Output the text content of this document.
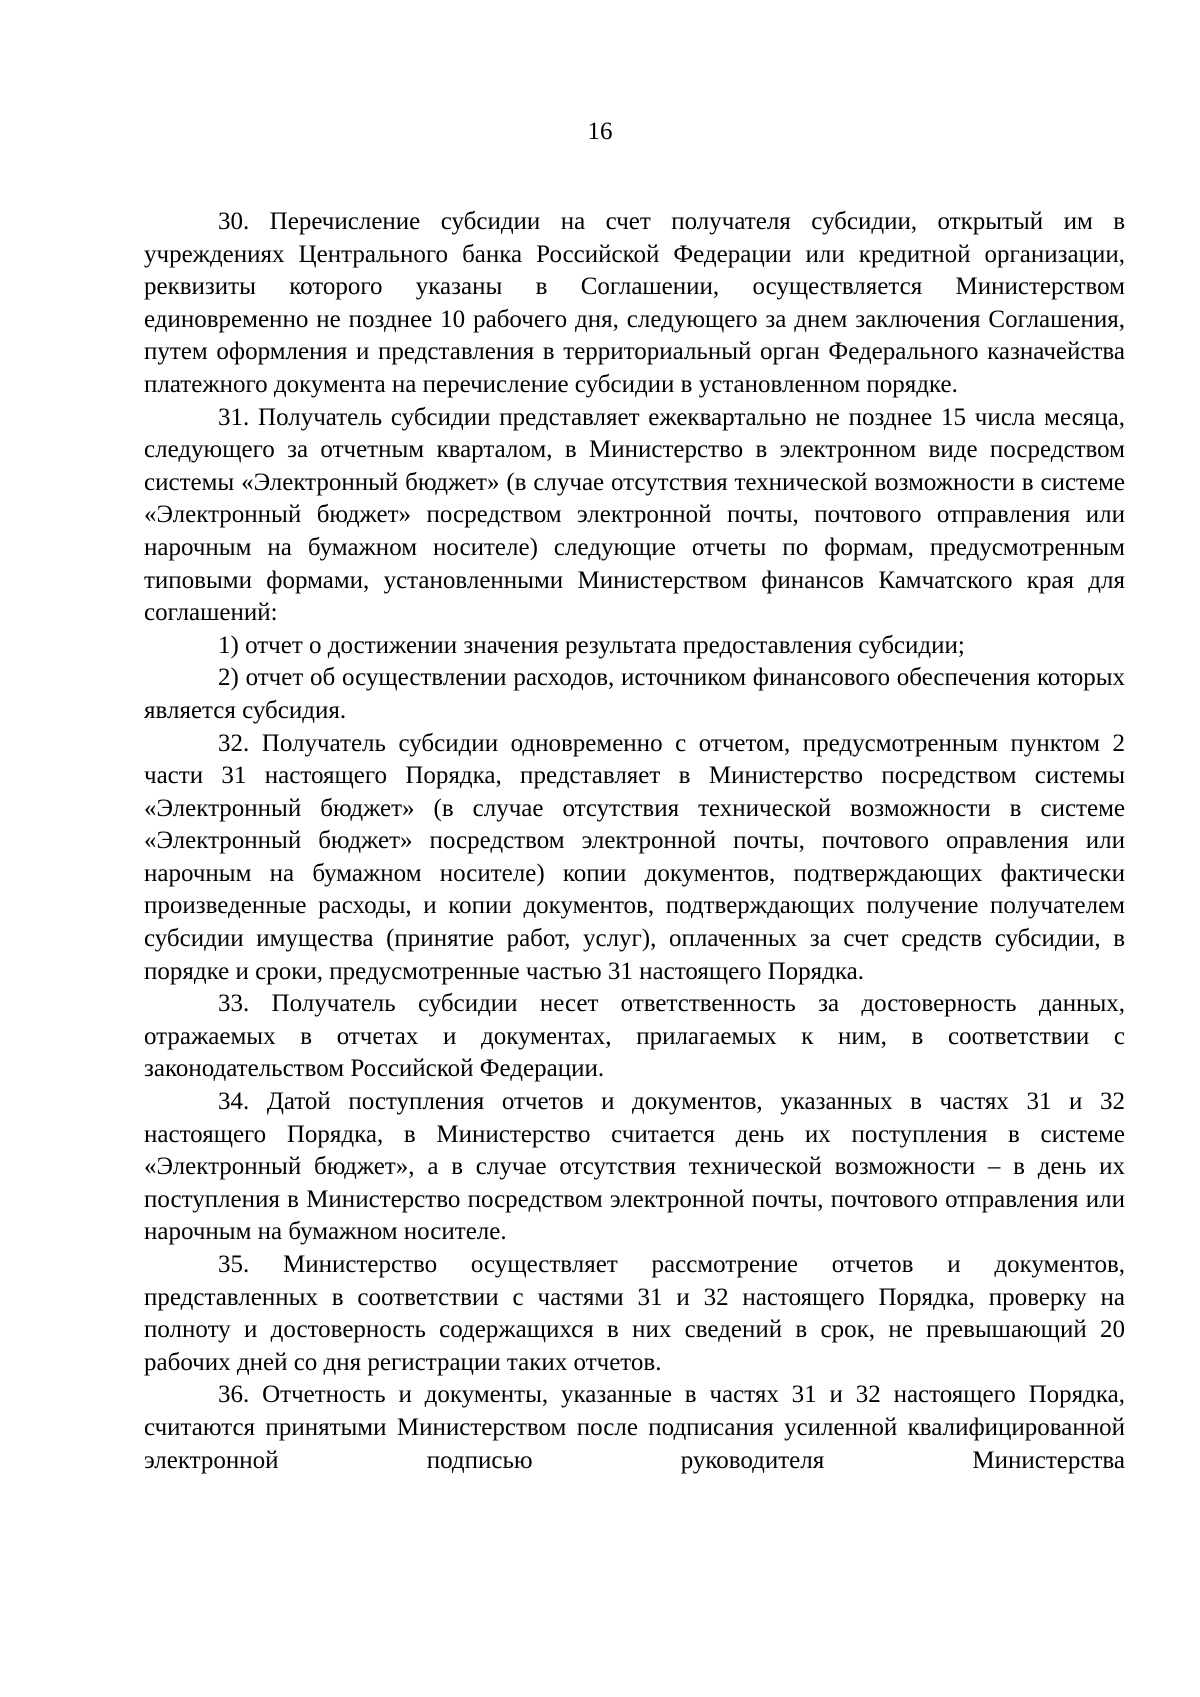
16

30. Перечисление субсидии на счет получателя субсидии, открытый им в учреждениях Центрального банка Российской Федерации или кредитной организации, реквизиты которого указаны в Соглашении, осуществляется Министерством единовременно не позднее 10 рабочего дня, следующего за днем заключения Соглашения, путем оформления и представления в территориальный орган Федерального казначейства платежного документа на перечисление субсидии в установленном порядке.

31. Получатель субсидии представляет ежеквартально не позднее 15 числа месяца, следующего за отчетным кварталом, в Министерство в электронном виде посредством системы «Электронный бюджет» (в случае отсутствия технической возможности в системе «Электронный бюджет» посредством электронной почты, почтового отправления или нарочным на бумажном носителе) следующие отчеты по формам, предусмотренным типовыми формами, установленными Министерством финансов Камчатского края для соглашений:

1) отчет о достижении значения результата предоставления субсидии;

2) отчет об осуществлении расходов, источником финансового обеспечения которых является субсидия.

32. Получатель субсидии одновременно с отчетом, предусмотренным пунктом 2 части 31 настоящего Порядка, представляет в Министерство посредством системы «Электронный бюджет» (в случае отсутствия технической возможности в системе «Электронный бюджет» посредством электронной почты, почтового оправления или нарочным на бумажном носителе) копии документов, подтверждающих фактически произведенные расходы, и копии документов, подтверждающих получение получателем субсидии имущества (принятие работ, услуг), оплаченных за счет средств субсидии, в порядке и сроки, предусмотренные частью 31 настоящего Порядка.

33. Получатель субсидии несет ответственность за достоверность данных, отражаемых в отчетах и документах, прилагаемых к ним, в соответствии с законодательством Российской Федерации.

34. Датой поступления отчетов и документов, указанных в частях 31 и 32 настоящего Порядка, в Министерство считается день их поступления в системе «Электронный бюджет», а в случае отсутствия технической возможности – в день их поступления в Министерство посредством электронной почты, почтового отправления или нарочным на бумажном носителе.

35. Министерство осуществляет рассмотрение отчетов и документов, представленных в соответствии с частями 31 и 32 настоящего Порядка, проверку на полноту и достоверность содержащихся в них сведений в срок, не превышающий 20 рабочих дней со дня регистрации таких отчетов.

36. Отчетность и документы, указанные в частях 31 и 32 настоящего Порядка, считаются принятыми Министерством после подписания усиленной квалифицированной электронной подписью руководителя Министерства
